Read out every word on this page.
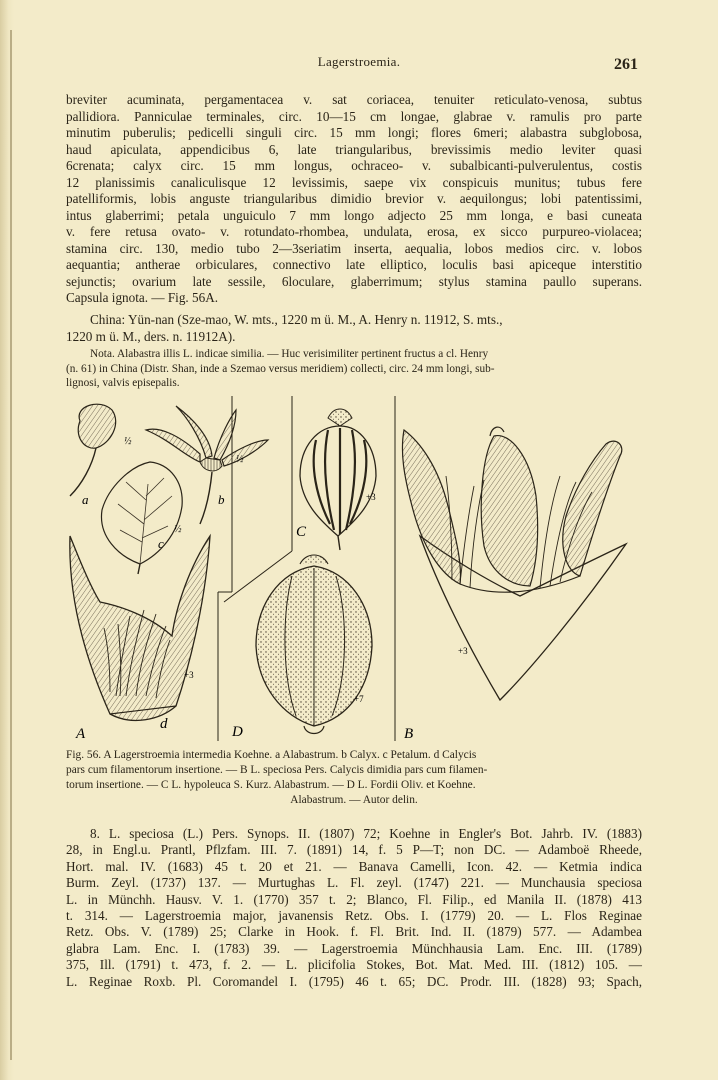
Lagerstroemia.	261
breviter acuminata, pergamentacea v. sat coriacea, tenuiter reticulato-venosa, subtus
pallidiora. Panniculae terminales, circ. 10—15 cm longae, glabrae v. ramulis pro parte
minutim puberulis; pedicelli singuli circ. 15 mm longi; flores 6meri; alabastra subglobosa,
haud apiculata, appendicibus 6, late triangularibus, brevissimis medio leviter quasi
6crenata; calyx circ. 15 mm longus, ochraceo- v. subalbicanti-pulverulentus, costis
12 planissimis canaliculisque 12 levissimis, saepe vix conspicuis munitus; tubus fere
patelliformis, lobis anguste triangularibus dimidio brevior v. aequilongus; lobi patentissimi,
intus glaberrimi; petala unguiculo 7 mm longo adjecto 25 mm longa, e basi cuneata
v. fere retusa ovato- v. rotundato-rhombea, undulata, erosa, ex sicco purpureo-violacea;
stamina circ. 130, medio tubo 2—3seriatim inserta, aequalia, lobos medios circ. v. lobos
aequantia; antherae orbiculares, connectivo late elliptico, loculis basi apiceque interstitio
sejunctis; ovarium late sessile, 6loculare, glaberrimum; stylus stamina paullo superans.
Capsula ignota. — Fig. 56A.
China: Yün-nan (Sze-mao, W. mts., 1220 m ü. M., A. Henry n. 11912, S. mts.,
1220 m ü. M., ders. n. 11912A).
Nota. Alabastra illis L. indicae similia. — Huc verisimiliter pertinent fructus a cl. Henry
(n. 61) in China (Distr. Shan, inde a Szemao versus meridiem) collecti, circ. 24 mm longi, sub-
lignosi, valvis episepalis.
a	b
c
d
A	B
C
D
½
½
½
+3
+3
+3
+7
Fig. 56. A Lagerstroemia intermedia Koehne. a Alabastrum. b Calyx. c Petalum. d Calycis
pars cum filamentorum insertione. — B L. speciosa Pers. Calycis dimidia pars cum filamen-
torum insertione. — C L. hypoleuca S. Kurz. Alabastrum. — D L. Fordii Oliv. et Koehne.
Alabastrum. — Autor delin.
8. L. speciosa (L.) Pers. Synops. II. (1807) 72; Koehne in Engler's Bot. Jahrb. IV. (1883)
28, in Engl.u. Prantl, Pflzfam. III. 7. (1891) 14, f. 5 P—T; non DC. — Adamboë Rheede,
Hort. mal. IV. (1683) 45 t. 20 et 21. — Banava Camelli, Icon. 42. — Ketmia indica
Burm. Zeyl. (1737) 137. — Murtughas L. Fl. zeyl. (1747) 221. — Munchausia speciosa
L. in Münchh. Hausv. V. 1. (1770) 357 t. 2; Blanco, Fl. Filip., ed Manila II. (1878) 413
t. 314. — Lagerstroemia major, javanensis Retz. Obs. I. (1779) 20. — L. Flos Reginae
Retz. Obs. V. (1789) 25; Clarke in Hook. f. Fl. Brit. Ind. II. (1879) 577. — Adambea
glabra Lam. Enc. I. (1783) 39. — Lagerstroemia Münchhausia Lam. Enc. III. (1789)
375, Ill. (1791) t. 473, f. 2. — L. plicifolia Stokes, Bot. Mat. Med. III. (1812) 105. —
L. Reginae Roxb. Pl. Coromandel I. (1795) 46 t. 65; DC. Prodr. III. (1828) 93; Spach,
